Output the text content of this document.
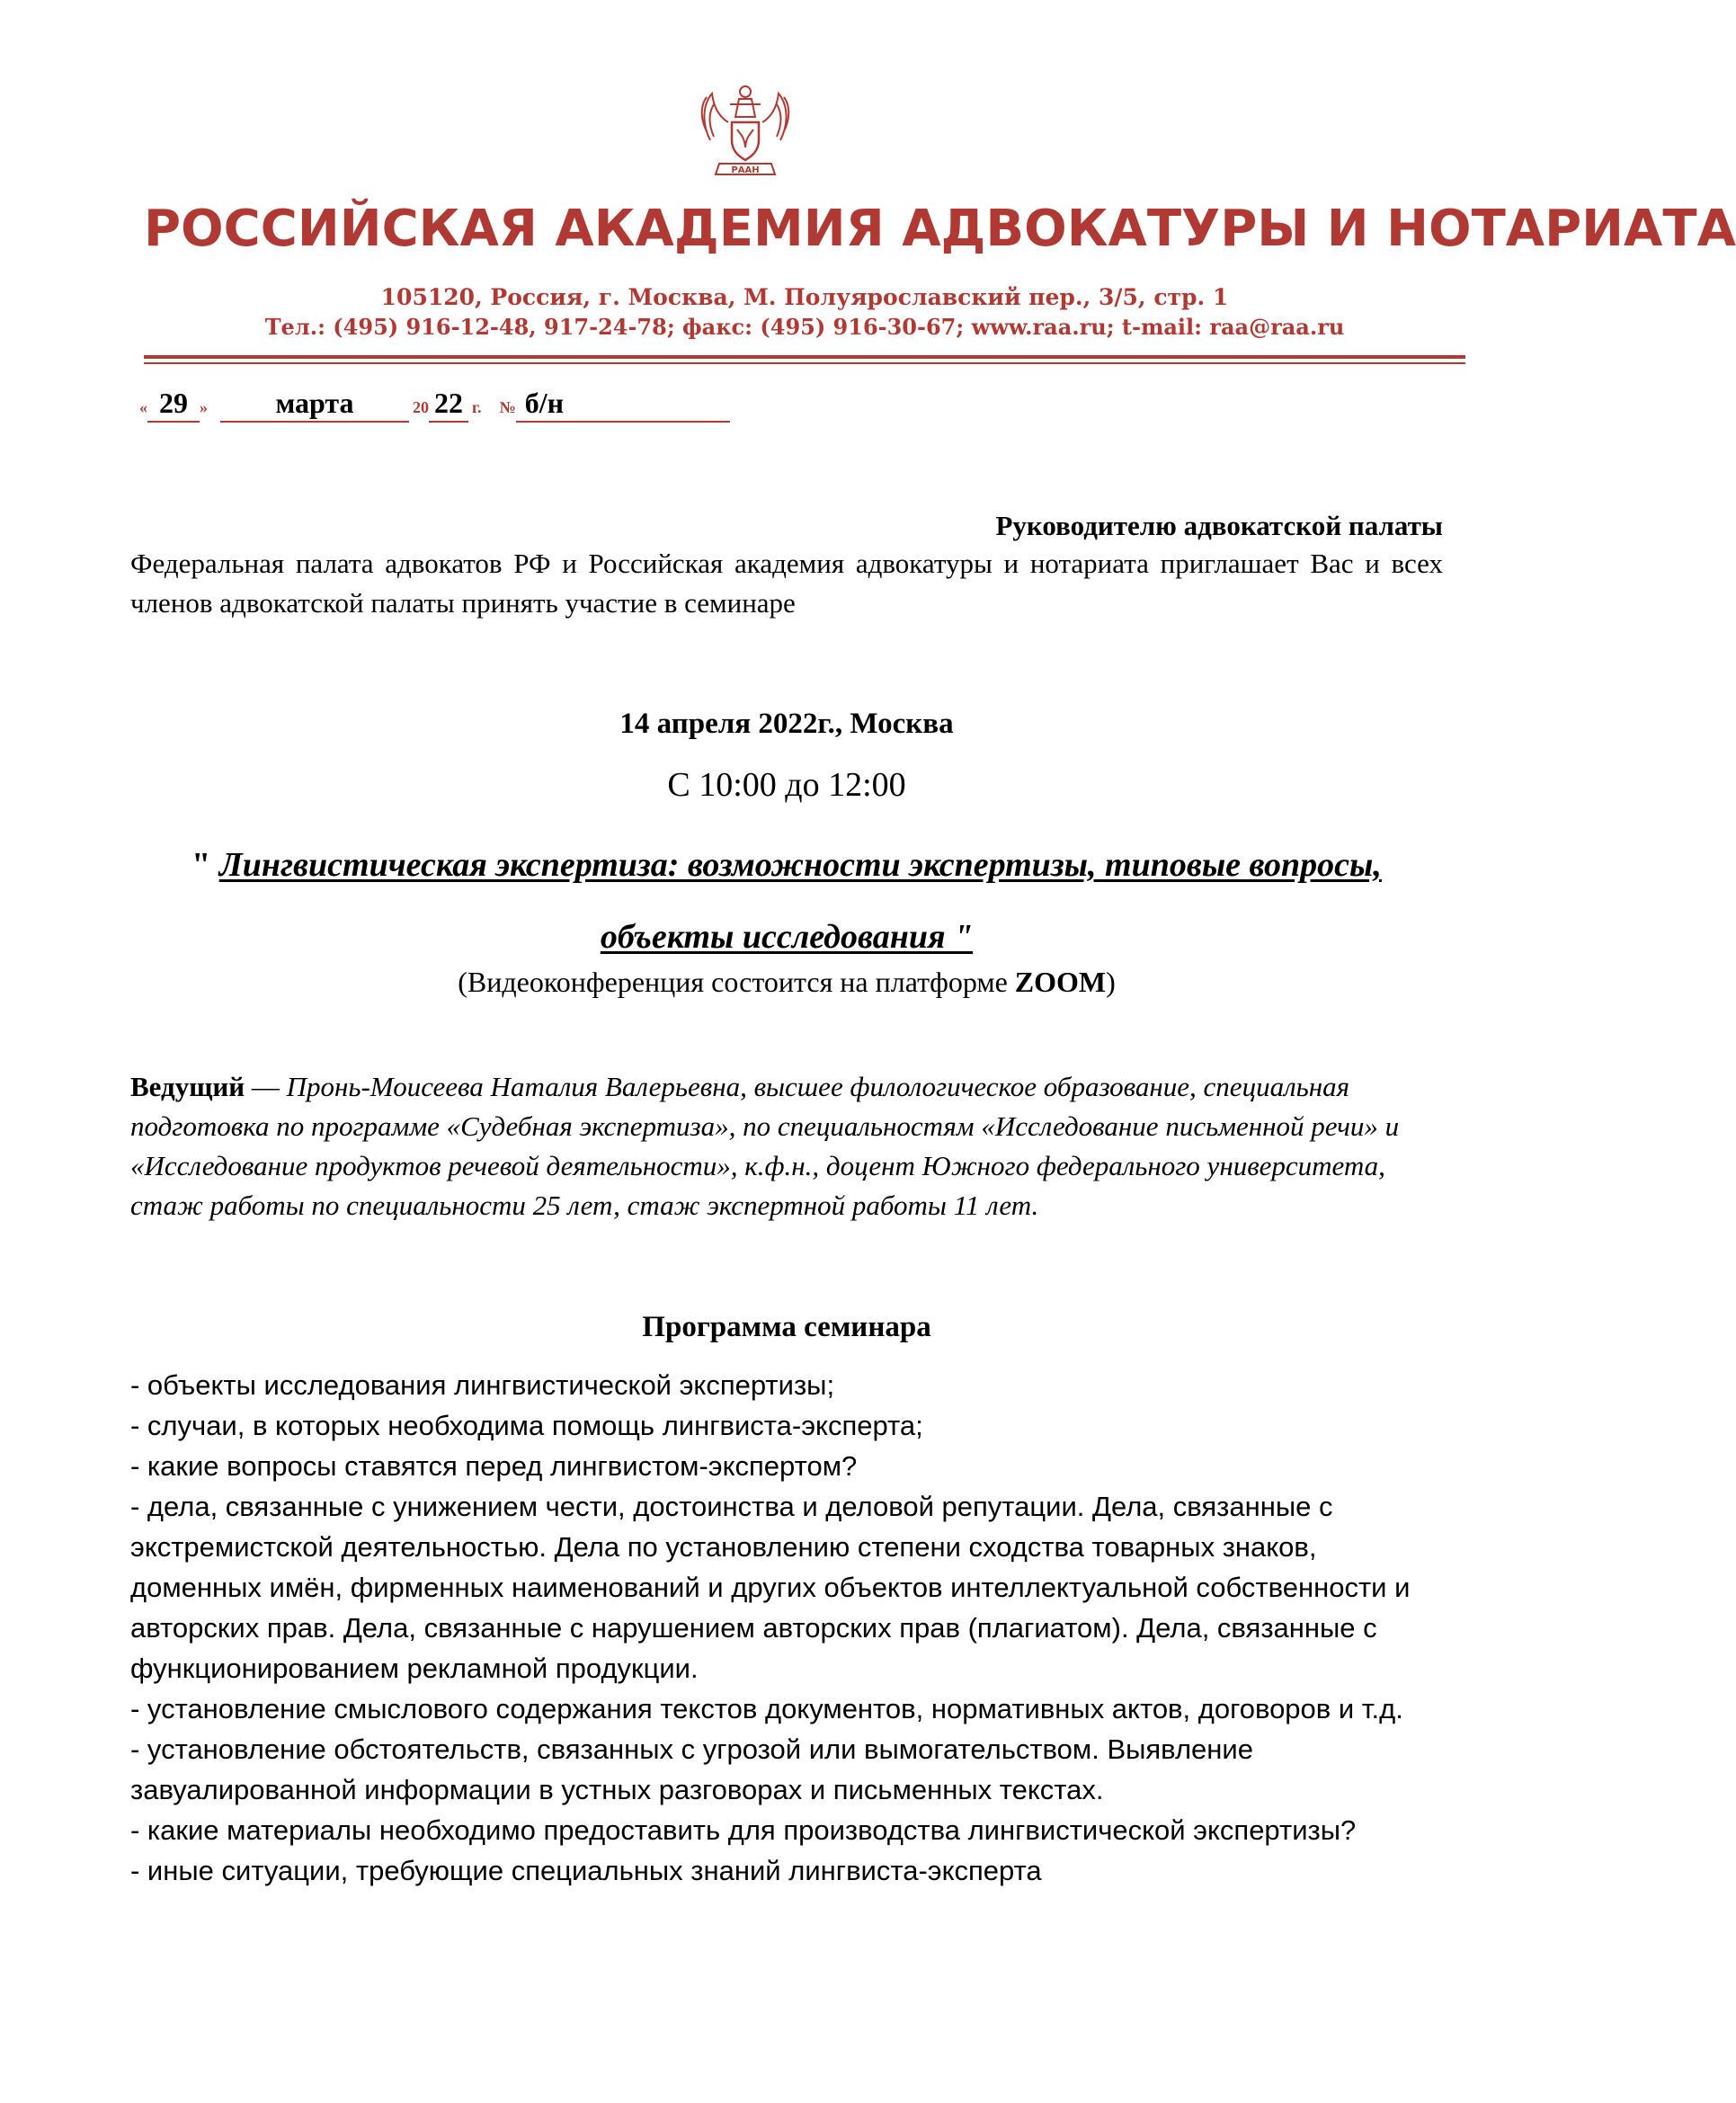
РААН
РОССИЙСКАЯ АКАДЕМИЯ АДВОКАТУРЫ И НОТАРИАТА
105120, Россия, г. Москва, М. Полуярославский пер., 3/5, стр. 1
Тел.: (495) 916-12-48, 917-24-78; факс: (495) 916-30-67; www.raa.ru; t-mail: raa@raa.ru
« 29 » марта	20 22 г. № б/н
Руководителю адвокатской палаты
Федеральная палата адвокатов РФ и Российская академия адвокатуры и нотариата приглашает Вас и всех членов адвокатской палаты принять участие в семинаре
14 апреля 2022г., Москва
С 10:00 до 12:00
" Лингвистическая экспертиза: возможности экспертизы, типовые вопросы, объекты исследования "
(Видеоконференция состоится на платформе ZOOM)
Ведущий — Пронь-Моисеева Наталия Валерьевна, высшее филологическое образование, специальная подготовка по программе «Судебная экспертиза», по специальностям «Исследование письменной речи» и «Исследование продуктов речевой деятельности», к.ф.н., доцент Южного федерального университета, стаж работы по специальности 25 лет, стаж экспертной работы 11 лет.
Программа семинара
- объекты исследования лингвистической экспертизы;
- случаи, в которых необходима помощь лингвиста-эксперта;
- какие вопросы ставятся перед лингвистом-экспертом?
- дела, связанные с унижением чести, достоинства и деловой репутации. Дела, связанные с экстремистской деятельностью. Дела по установлению степени сходства товарных знаков, доменных имён, фирменных наименований и других объектов интеллектуальной собственности и авторских прав. Дела, связанные с нарушением авторских прав (плагиатом). Дела, связанные с функционированием рекламной продукции.
- установление смыслового содержания текстов документов, нормативных актов, договоров и т.д.
- установление обстоятельств, связанных с угрозой или вымогательством. Выявление завуалированной информации в устных разговорах и письменных текстах.
- какие материалы необходимо предоставить для производства лингвистической экспертизы?
- иные ситуации, требующие специальных знаний лингвиста-эксперта
